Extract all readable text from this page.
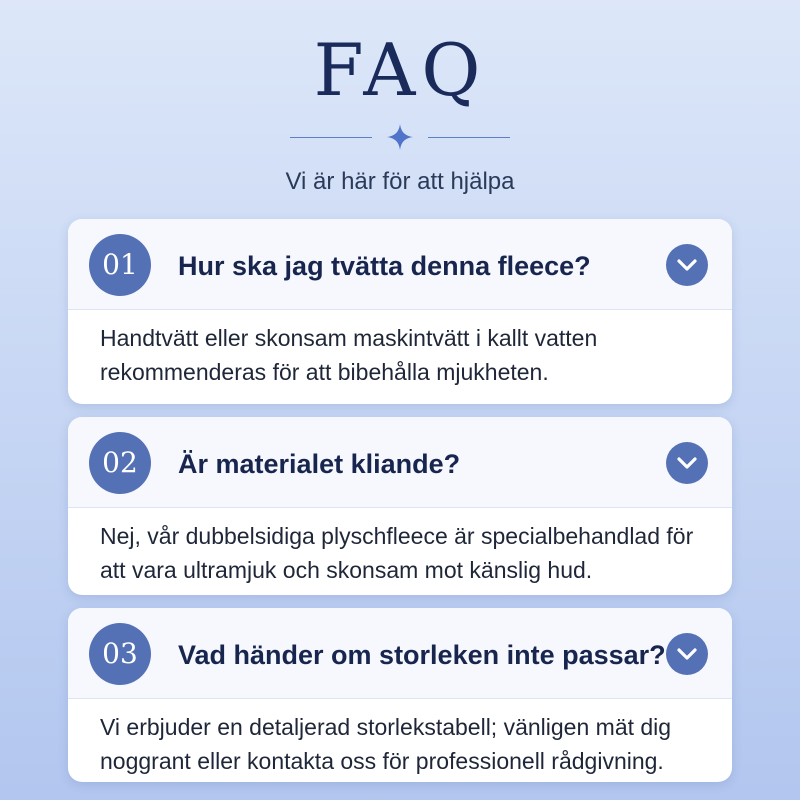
FAQ

Vi är här för att hjälpa

01	Hur ska jag tvätta denna fleece?

Handtvätt eller skonsam maskintvätt i kallt vatten rekommenderas för att bibehålla mjukheten.

02	Är materialet kliande?

Nej, vår dubbelsidiga plyschfleece är specialbehandlad för att vara ultramjuk och skonsam mot känslig hud.

03	Vad händer om storleken inte passar?

Vi erbjuder en detaljerad storlekstabell; vänligen mät dig noggrant eller kontakta oss för professionell rådgivning.
